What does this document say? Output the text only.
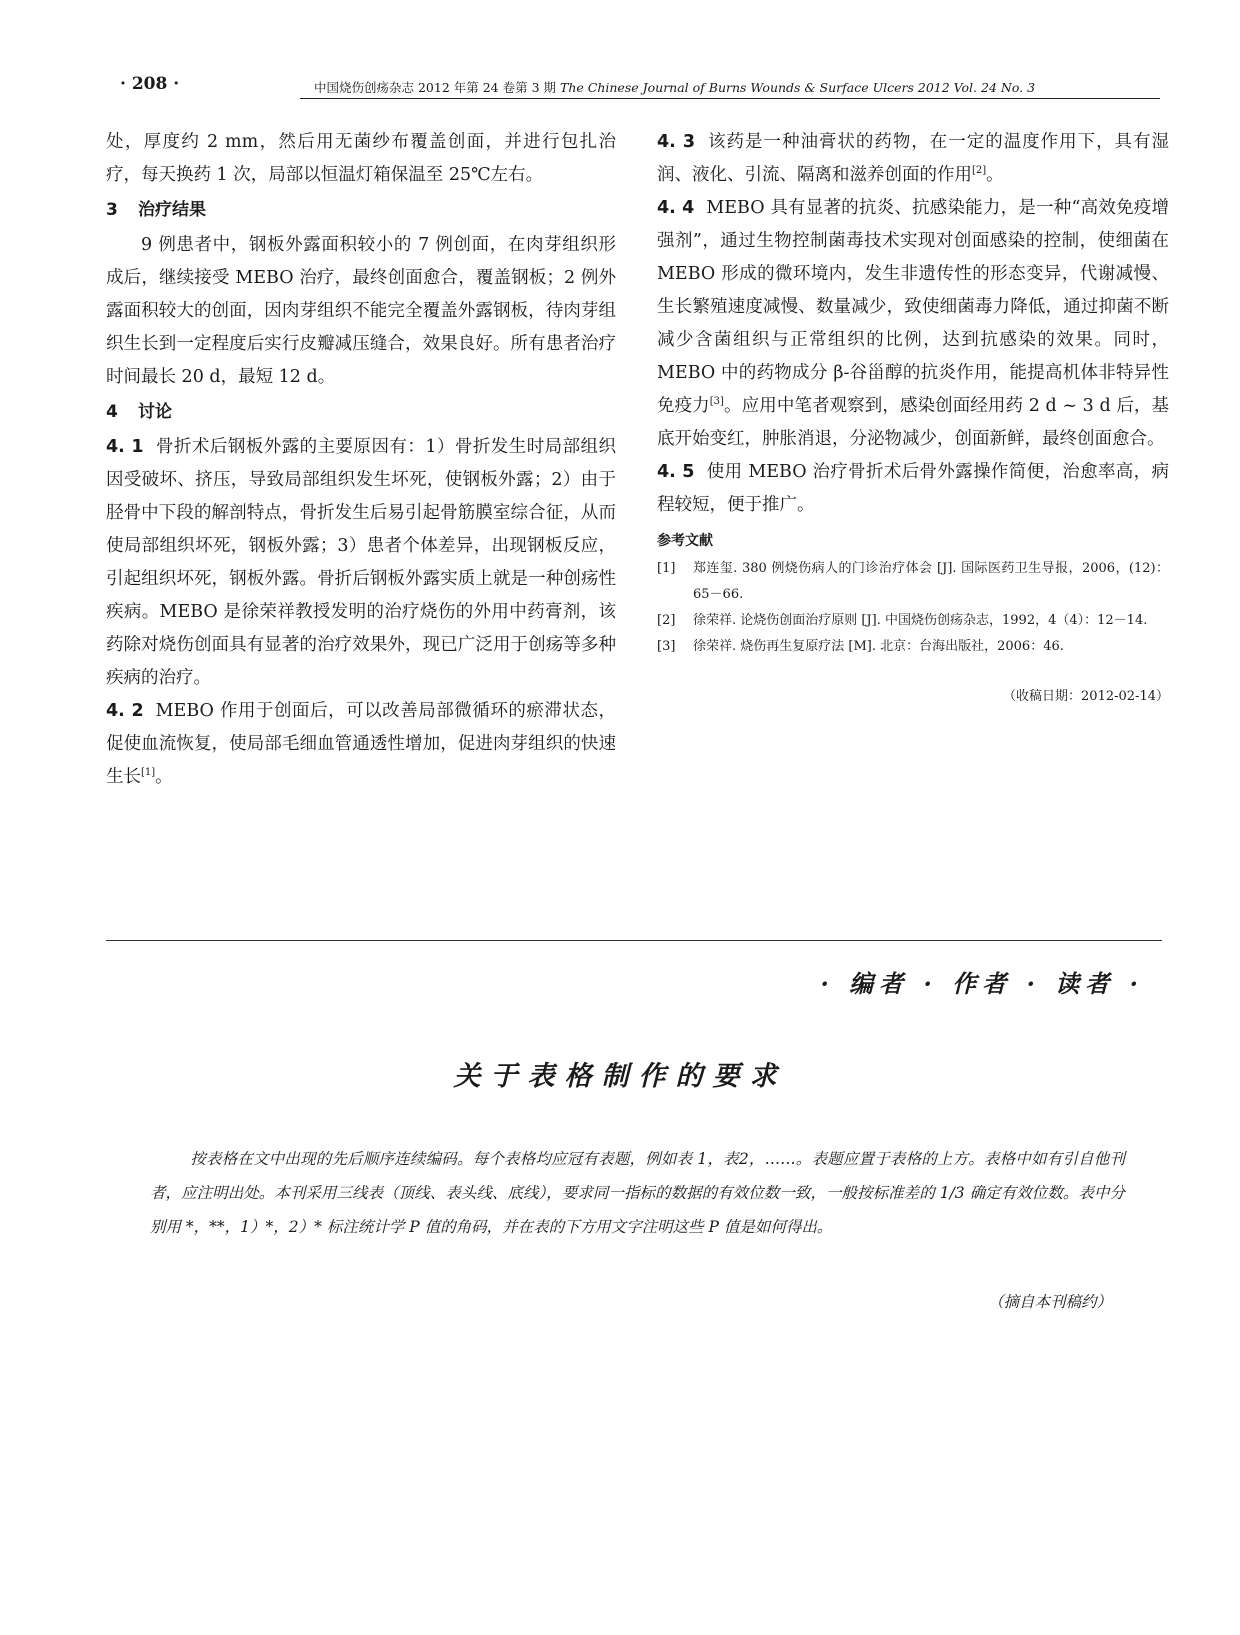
· 208 ·	中国烧伤创疡杂志 2012 年第 24 卷第 3 期 The Chinese Journal of Burns Wounds & Surface Ulcers 2012 Vol. 24 No. 3

处，厚度约 2 mm，然后用无菌纱布覆盖创面，并进行包扎治疗，每天换药 1 次，局部以恒温灯箱保温至 25℃左右。

3 治疗结果

9 例患者中，钢板外露面积较小的 7 例创面，在肉芽组织形成后，继续接受 MEBO 治疗，最终创面愈合，覆盖钢板；2 例外露面积较大的创面，因肉芽组织不能完全覆盖外露钢板，待肉芽组织生长到一定程度后实行皮瓣减压缝合，效果良好。所有患者治疗时间最长 20 d，最短 12 d。

4 讨论

4. 1 骨折术后钢板外露的主要原因有：1）骨折发生时局部组织因受破坏、挤压，导致局部组织发生坏死，使钢板外露；2）由于胫骨中下段的解剖特点，骨折发生后易引起骨筋膜室综合征，从而使局部组织坏死，钢板外露；3）患者个体差异，出现钢板反应，引起组织坏死，钢板外露。骨折后钢板外露实质上就是一种创疡性疾病。MEBO 是徐荣祥教授发明的治疗烧伤的外用中药膏剂，该药除对烧伤创面具有显著的治疗效果外，现已广泛用于创疡等多种疾病的治疗。

4. 2 MEBO 作用于创面后，可以改善局部微循环的瘀滞状态，促使血流恢复，使局部毛细血管通透性增加，促进肉芽组织的快速生长[1]。

4. 3 该药是一种油膏状的药物，在一定的温度作用下，具有湿润、液化、引流、隔离和滋养创面的作用[2]。

4. 4 MEBO 具有显著的抗炎、抗感染能力，是一种“高效免疫增强剂”，通过生物控制菌毒技术实现对创面感染的控制，使细菌在 MEBO 形成的微环境内，发生非遗传性的形态变异，代谢减慢、生长繁殖速度减慢、数量减少，致使细菌毒力降低，通过抑菌不断减少含菌组织与正常组织的比例，达到抗感染的效果。同时，MEBO 中的药物成分 β-谷甾醇的抗炎作用，能提高机体非特异性免疫力[3]。应用中笔者观察到，感染创面经用药 2 d ~ 3 d 后，基底开始变红，肿胀消退，分泌物减少，创面新鲜，最终创面愈合。

4. 5 使用 MEBO 治疗骨折术后骨外露操作简便，治愈率高，病程较短，便于推广。

参考文献

[1]	郑连玺. 380 例烧伤病人的门诊治疗体会 [J]. 国际医药卫生导报，2006，(12)：65－66.

[2]	徐荣祥. 论烧伤创面治疗原则 [J]. 中国烧伤创疡杂志，1992，4（4）：12－14.

[3]	徐荣祥. 烧伤再生复原疗法 [M]. 北京：台海出版社，2006：46.

（收稿日期：2012-02-14）
· 编者 · 作者 · 读者 ·
关于表格制作的要求

按表格在文中出现的先后顺序连续编码。每个表格均应冠有表题，例如表 1，表2，……。表题应置于表格的上方。表格中如有引自他刊者，应注明出处。本刊采用三线表（顶线、表头线、底线），要求同一指标的数据的有效位数一致，一般按标准差的 1/3 确定有效位数。表中分别用 *，**，1）*，2）* 标注统计学 P 值的角码，并在表的下方用文字注明这些 P 值是如何得出。

（摘自本刊稿约）
